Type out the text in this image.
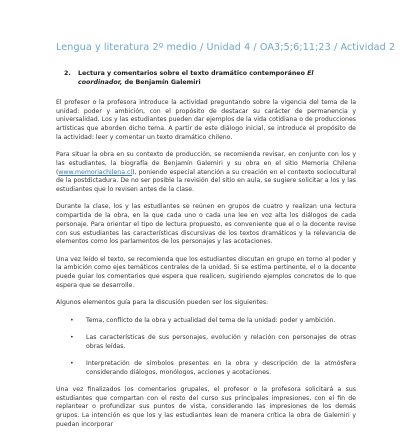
Lengua y literatura 2º medio / Unidad 4 / OA3;5;6;11;23 / Actividad 2
2.	Lectura y comentarios sobre el texto dramático contemporáneo El coordinador, de Benjamín Galemiri

El profesor o la profesora introduce la actividad preguntando sobre la vigencia del tema de la unidad: poder y ambición, con el propósito de destacar su carácter de permanencia y universalidad. Los y las estudiantes pueden dar ejemplos de la vida cotidiana o de producciones artísticas que aborden dicho tema. A partir de este diálogo inicial, se introduce el propósito de la actividad: leer y comentar un texto dramático chileno.

Para situar la obra en su contexto de producción, se recomienda revisar, en conjunto con los y las estudiantes, la biografía de Benjamín Galemiri y su obra en el sitio Memoria Chilena (www.memoriachilena.cl), poniendo especial atención a su creación en el contexto sociocultural de la postdictadura. De no ser posible la revisión del sitio en aula, se sugiere solicitar a los y las estudiantes que lo revisen antes de la clase.

Durante la clase, los y las estudiantes se reúnen en grupos de cuatro y realizan una lectura compartida de la obra, en la que cada uno o cada una lee en voz alta los diálogos de cada personaje. Para orientar el tipo de lectura propuesto, es conveniente que el o la docente revise con sus estudiantes las características discursivas de los textos dramáticos y la relevancia de elementos como los parlamentos de los personajes y las acotaciones.

Una vez leído el texto, se recomienda que los estudiantes discutan en grupo en torno al poder y la ambición como ejes temáticos centrales de la unidad. Si se estima pertinente, el o la docente puede guiar los comentarios que espera que realicen, sugiriendo ejemplos concretos de lo que espera que se desarrolle.

Algunos elementos guía para la discusión pueden ser los siguientes:

• Tema, conflicto de la obra y actualidad del tema de la unidad: poder y ambición.
• Las características de sus personajes, evolución y relación con personajes de otras obras leídas.
• Interpretación de símbolos presentes en la obra y descripción de la atmósfera considerando diálogos, monólogos, acciones y acotaciones.

Una vez finalizados los comentarios grupales, el profesor o la profesora solicitará a sus estudiantes que compartan con el resto del curso sus principales impresiones, con el fin de replantear o profundizar sus puntos de vista, considerando las impresiones de los demás grupos. La intención es que los y las estudiantes lean de manera crítica la obra de Galemiri y puedan incorporar
